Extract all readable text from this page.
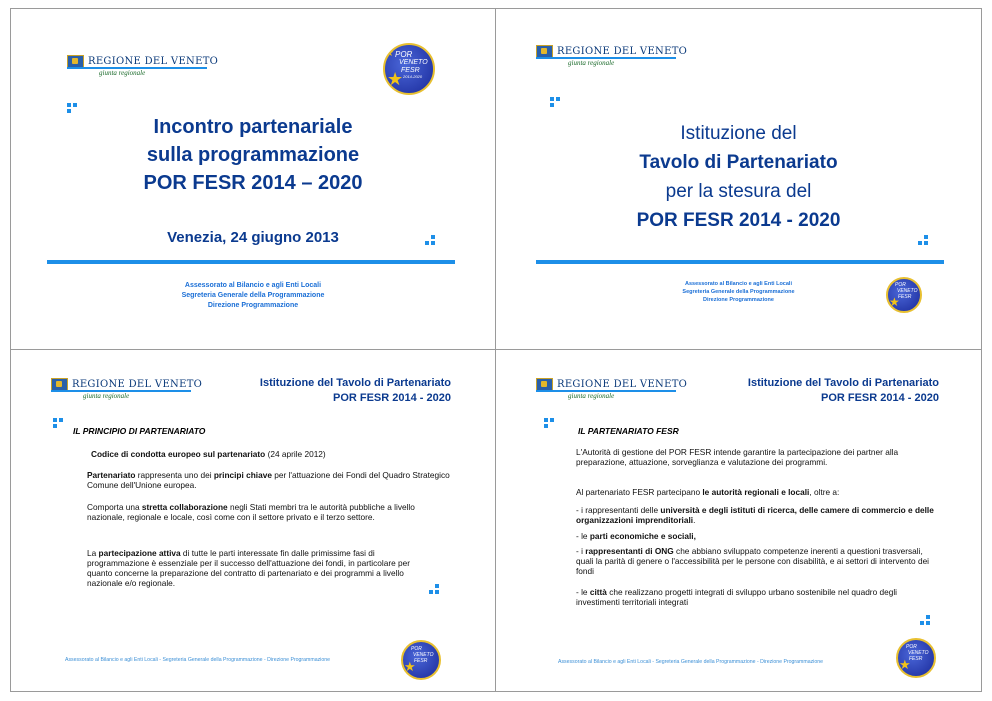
REGIONE DEL VENETO
giunta regionale
POR
VENETO
FESR
2014-2020
★
★
Incontro partenariale
sulla programmazione
POR FESR 2014 – 2020
Venezia, 24 giugno 2013
Assessorato al Bilancio e agli Enti Locali
Segreteria Generale della Programmazione
Direzione Programmazione
REGIONE DEL VENETO
giunta regionale
Istituzione del
Tavolo di Partenariato
per la stesura del
POR FESR 2014 - 2020
Assessorato al Bilancio e agli Enti Locali
Segreteria Generale della Programmazione
Direzione Programmazione
POR
VENETO
FESR
★
REGIONE DEL VENETO
giunta regionale
Istituzione del Tavolo di Partenariato
POR FESR 2014 - 2020
IL PRINCIPIO DI PARTENARIATO
Codice di condotta europeo sul partenariato (24 aprile 2012)
Partenariato rappresenta uno dei principi chiave per l'attuazione dei Fondi del Quadro Strategico Comune dell'Unione europea.
Comporta una stretta collaborazione negli Stati membri tra le autorità pubbliche a livello nazionale, regionale e locale, così come con il settore privato e il terzo settore.
La partecipazione attiva di tutte le parti interessate fin dalle primissime fasi di programmazione è essenziale per il successo dell'attuazione dei fondi, in particolare per quanto concerne la preparazione del contratto di partenariato e dei programmi a livello nazionale e/o regionale.
Assessorato al Bilancio e agli Enti Locali - Segreteria Generale della Programmazione - Direzione Programmazione
POR
VENETO
FESR
★
REGIONE DEL VENETO
giunta regionale
Istituzione del Tavolo di Partenariato
POR FESR 2014 - 2020
IL PARTENARIATO FESR
L'Autorità di gestione del POR FESR intende garantire la partecipazione dei partner alla preparazione, attuazione, sorveglianza e valutazione dei programmi.
Al partenariato FESR partecipano le autorità regionali e locali, oltre a:
- i rappresentanti delle università e degli istituti di ricerca, delle camere di commercio e delle organizzazioni imprenditoriali.
- le parti economiche e sociali,
- i rappresentanti di ONG che abbiano sviluppato competenze inerenti a questioni trasversali, quali la parità di genere o l'accessibilità per le persone con disabilità, e ai settori di intervento dei fondi
- le città che realizzano progetti integrati di sviluppo urbano sostenibile nel quadro degli investimenti territoriali integrati
Assessorato al Bilancio e agli Enti Locali - Segreteria Generale della Programmazione - Direzione Programmazione
POR
VENETO
FESR
★
